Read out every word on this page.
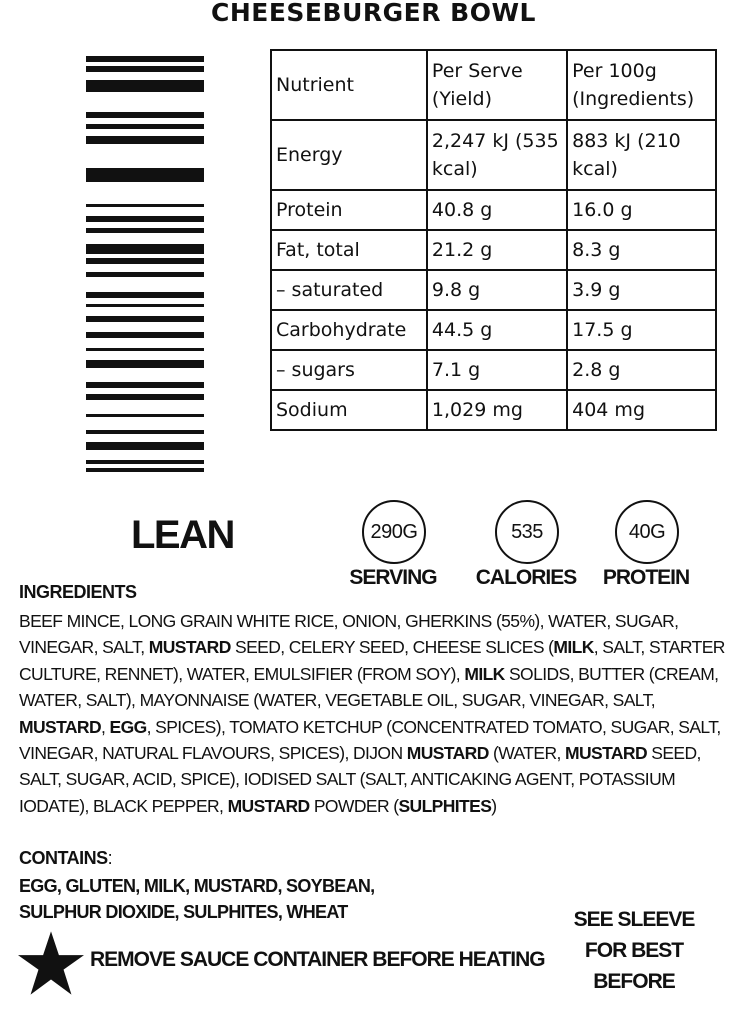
CHEESEBURGER BOWL
Nutrient	Per Serve (Yield)	Per 100g (Ingredients)
Energy	2,247 kJ (535 kcal)	883 kJ (210 kcal)
Protein	40.8 g	16.0 g
Fat, total	21.2 g	8.3 g
– saturated	9.8 g	3.9 g
Carbohydrate	44.5 g	17.5 g
– sugars	7.1 g	2.8 g
Sodium	1,029 mg	404 mg
LEAN	290G
SERVING
535
CALORIES
40G
PROTEIN
INGREDIENTS
BEEF MINCE, LONG GRAIN WHITE RICE, ONION, GHERKINS (55%), WATER, SUGAR, VINEGAR, SALT, MUSTARD SEED, CELERY SEED, CHEESE SLICES (MILK, SALT, STARTER CULTURE, RENNET), WATER, EMULSIFIER (FROM SOY), MILK SOLIDS, BUTTER (CREAM, WATER, SALT), MAYONNAISE (WATER, VEGETABLE OIL, SUGAR, VINEGAR, SALT, MUSTARD, EGG, SPICES), TOMATO KETCHUP (CONCENTRATED TOMATO, SUGAR, SALT, VINEGAR, NATURAL FLAVOURS, SPICES), DIJON MUSTARD (WATER, MUSTARD SEED, SALT, SUGAR, ACID, SPICE), IODISED SALT (SALT, ANTICAKING AGENT, POTASSIUM IODATE), BLACK PEPPER, MUSTARD POWDER (SULPHITES)
CONTAINS:
EGG, GLUTEN, MILK, MUSTARD, SOYBEAN,
SULPHUR DIOXIDE, SULPHITES, WHEAT
REMOVE SAUCE CONTAINER BEFORE HEATING
SEE SLEEVE
FOR BEST
BEFORE
